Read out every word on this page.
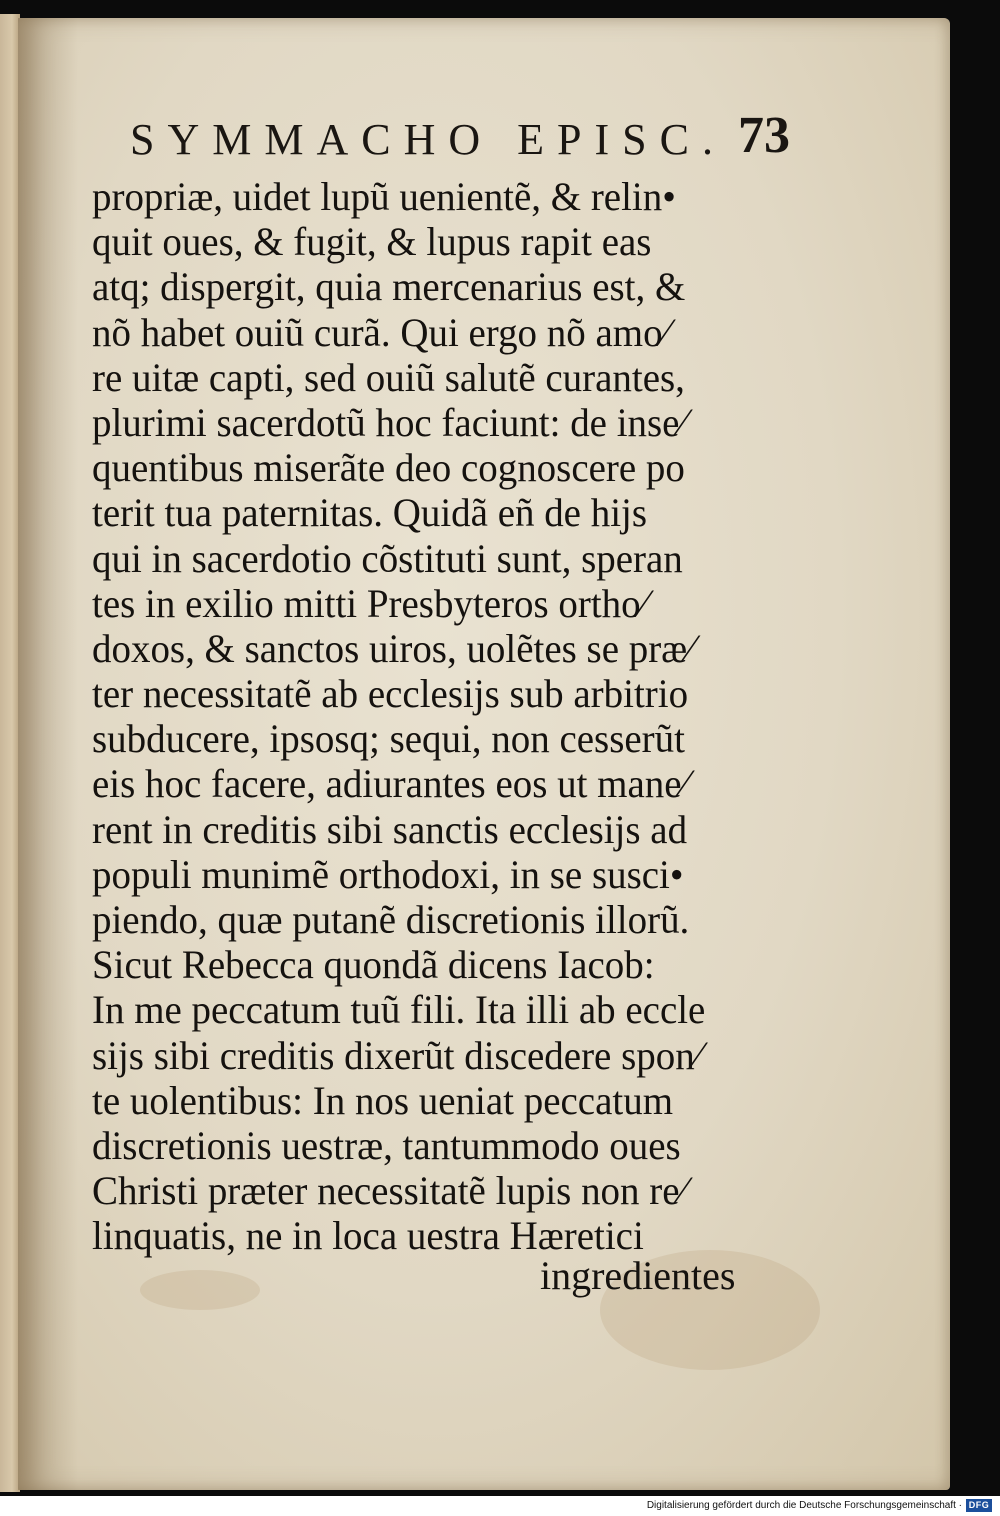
SYMMACHO EPISC. 73
propriæ, uidet lupũ uenientẽ, & relin•
quit oues, & fugit, & lupus rapit eas
atq; dispergit, quia mercenarius est, &
nõ habet ouiũ curã. Qui ergo nõ amo⁄
re uitæ capti, sed ouiũ salutẽ curantes,
plurimi sacerdotũ hoc faciunt: de inse⁄
quentibus miserãte deo cognoscere po
terit tua paternitas. Quidã eñ de hijs
qui in sacerdotio cõstituti sunt, speran
tes in exilio mitti Presbyteros ortho⁄
doxos, & sanctos uiros, uolẽtes se præ⁄
ter necessitatẽ ab ecclesijs sub arbitrio
subducere, ipsosq; sequi, non cesserũt
eis hoc facere, adiurantes eos ut mane⁄
rent in creditis sibi sanctis ecclesijs ad
populi munimẽ orthodoxi, in se susci•
piendo, quæ putanẽ discretionis illorũ.
Sicut Rebecca quondã dicens Iacob:
In me peccatum tuũ fili. Ita illi ab eccle
sijs sibi creditis dixerũt discedere spon⁄
te uolentibus: In nos ueniat peccatum
discretionis uestræ, tantummodo oues
Christi præter necessitatẽ lupis non re⁄
linquatis, ne in loca uestra Hæretici
ingredientes
Digitalisierung gefördert durch die Deutsche Forschungsgemeinschaft · DFG
